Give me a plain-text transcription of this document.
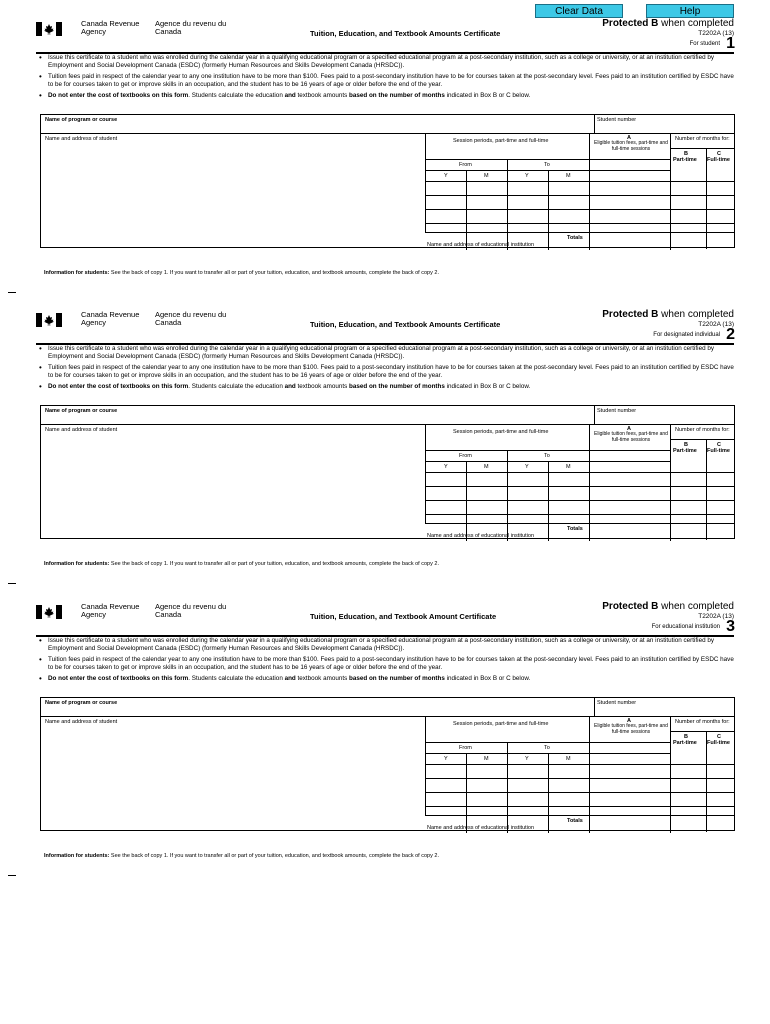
Clear Data	Help
Canada Revenue Agency
Agence du revenu du Canada	Tuition, Education, and Textbook Amounts Certificate
Protected B when completed
T2202A (13)
For student 1
• Issue this certificate to a student who was enrolled during the calendar year in a qualifying educational program or a specified educational program at a post-secondary institution, such as a college or university, or at an institution certified by Employment and Social Development Canada (ESDC) (formerly Human Resources and Skills Development Canada (HRSDC)).
• Tuition fees paid in respect of the calendar year to any one institution have to be more than $100. Fees paid to a post-secondary institution have to be for courses taken at the post-secondary level. Fees paid to an institution certified by ESDC have to be for courses taken to get or improve skills in an occupation, and the student has to be 16 years of age or older before the end of the year.
• Do not enter the cost of textbooks on this form. Students calculate the education and textbook amounts based on the number of months indicated in Box B or C below.
Name of program or course	Student number
Name and address of student	Session periods, part-time and full-time
From	To
Y	M	Y	M
A
Eligible tuition fees, part-time and full-time sessions
Number of months for:
B
Part-time
C
Full-time
Totals
Name and address of educational institution
Information for students: See the back of copy 1. If you want to transfer all or part of your tuition, education, and textbook amounts, complete the back of copy 2.
Canada Revenue Agency
Agence du revenu du Canada	Tuition, Education, and Textbook Amounts Certificate
Protected B when completed
T2202A (13)
For designated individual 2
• Issue this certificate to a student who was enrolled during the calendar year in a qualifying educational program or a specified educational program at a post-secondary institution, such as a college or university, or at an institution certified by Employment and Social Development Canada (ESDC) (formerly Human Resources and Skills Development Canada (HRSDC)).
• Tuition fees paid in respect of the calendar year to any one institution have to be more than $100. Fees paid to a post-secondary institution have to be for courses taken at the post-secondary level. Fees paid to an institution certified by ESDC have to be for courses taken to get or improve skills in an occupation, and the student has to be 16 years of age or older before the end of the year.
• Do not enter the cost of textbooks on this form. Students calculate the education and textbook amounts based on the number of months indicated in Box B or C below.
Name of program or course	Student number
Name and address of student	Session periods, part-time and full-time
From	To
Y	M	Y	M
A
Eligible tuition fees, part-time and full-time sessions
Number of months for:
B
Part-time
C
Full-time
Totals
Name and address of educational institution
Information for students: See the back of copy 1. If you want to transfer all or part of your tuition, education, and textbook amounts, complete the back of copy 2.
Canada Revenue Agency
Agence du revenu du Canada	Tuition, Education, and Textbook Amount Certificate
Protected B when completed
T2202A (13)
For educational institution 3
• Issue this certificate to a student who was enrolled during the calendar year in a qualifying educational program or a specified educational program at a post-secondary institution, such as a college or university, or at an institution certified by Employment and Social Development Canada (ESDC) (formerly Human Resources and Skills Development Canada (HRSDC)).
• Tuition fees paid in respect of the calendar year to any one institution have to be more than $100. Fees paid to a post-secondary institution have to be for courses taken at the post-secondary level. Fees paid to an institution certified by ESDC have to be for courses taken to get or improve skills in an occupation, and the student has to be 16 years of age or older before the end of the year.
• Do not enter the cost of textbooks on this form. Students calculate the education and textbook amounts based on the number of months indicated in Box B or C below.
Name of program or course	Student number
Name and address of student	Session periods, part-time and full-time
From	To
Y	M	Y	M
A
Eligible tuition fees, part-time and full-time sessions
Number of months for:
B
Part-time
C
Full-time
Totals
Name and address of educational institution
Information for students: See the back of copy 1. If you want to transfer all or part of your tuition, education, and textbook amounts, complete the back of copy 2.
